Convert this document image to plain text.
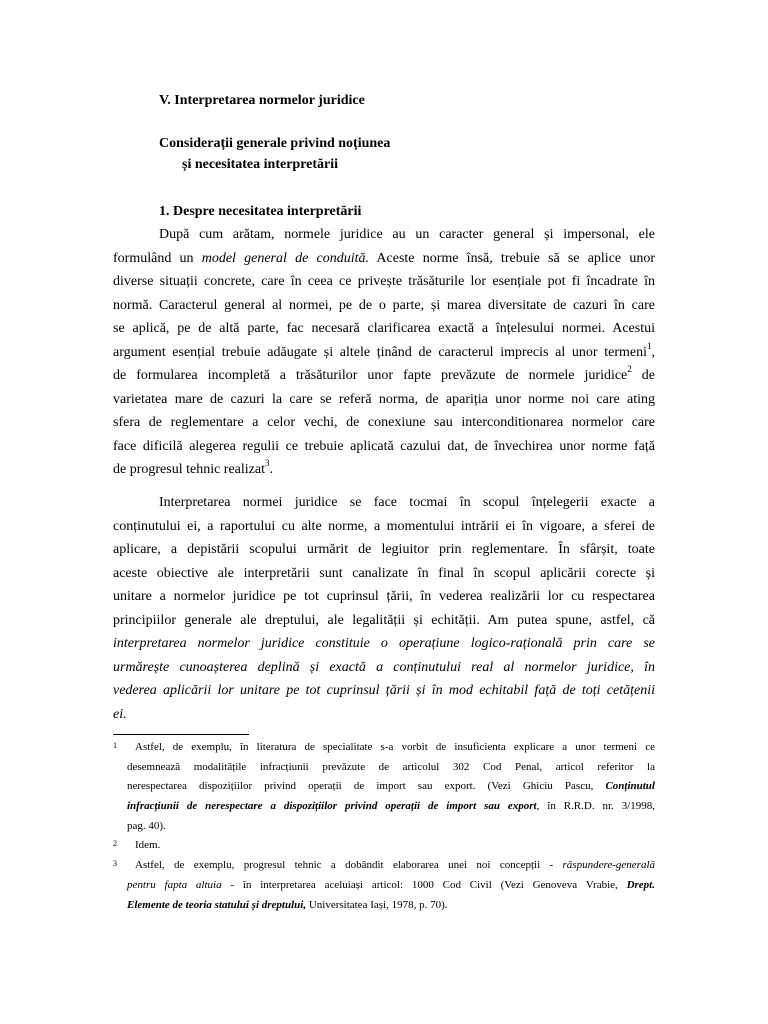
V. Interpretarea normelor juridice
Considerații generale privind noțiunea
și necesitatea interpretării
1. Despre necesitatea interpretării
După cum arătam, normele juridice au un caracter general și impersonal, ele
formulând un model general de conduită. Aceste norme însă, trebuie să se aplice unor
diverse situații concrete, care în ceea ce privește trăsăturile lor esențiale pot fi încadrate în
normă. Caracterul general al normei, pe de o parte, și marea diversitate de cazuri în care
se aplică, pe de altă parte, fac necesară clarificarea exactă a înțelesului normei. Acestui
argument esențial trebuie adăugate și altele ținând de caracterul imprecis al unor termeni$^1$,
de formularea incompletă a trăsăturilor unor fapte prevăzute de normele juridice$^2$ de
varietatea mare de cazuri la care se referă norma, de apariția unor norme noi care ating
sfera de reglementare a celor vechi, de conexiune sau interconditionarea normelor care
face dificilă alegerea regulii ce trebuie aplicată cazului dat, de învechirea unor norme față
de progresul tehnic realizat$^3$.
Interpretarea normei juridice se face tocmai în scopul înțelegerii exacte a
conținutului ei, a raportului cu alte norme, a momentului intrării ei în vigoare, a sferei de
aplicare, a depistării scopului urmărit de legiuitor prin reglementare. În sfârșit, toate
aceste obiective ale interpretării sunt canalizate în final în scopul aplicării corecte și
unitare a normelor juridice pe tot cuprinsul țării, în vederea realizării lor cu respectarea
principiilor generale ale dreptului, ale legalității și echității. Am putea spune, astfel, că
interpretarea normelor juridice constituie o operațiune logico-rațională prin care se
urmărește cunoașterea deplină și exactă a conținutului real al normelor juridice, în
vederea aplicării lor unitare pe tot cuprinsul țării și în mod echitabil față de toți cetățenii
ei.
1	Astfel, de exemplu, în literatura de specialitate s-a vorbit de insuficienta explicare a unor termeni ce
desemnează modalitățile infracțiunii prevăzute de articolul 302 Cod Penal, articol referitor la
nerespectarea dispozițiilor privind operații de import sau export. (Vezi Ghiciu Pascu, Conținutul
infracțiunii de nerespectare a dispozițiilor privind operații de import sau export, în R.R.D. nr. 3/1998,
pag. 40).
2	Idem.
3	Astfel, de exemplu, progresul tehnic a dobândit elaborarea unei noi concepții - răspundere-generală
pentru fapta altuia - în interpretarea aceluiași articol: 1000 Cod Civil (Vezi Genoveva Vrabie, Drept.
Elemente de teoria statului și dreptului, Universitatea Iași, 1978, p. 70).
